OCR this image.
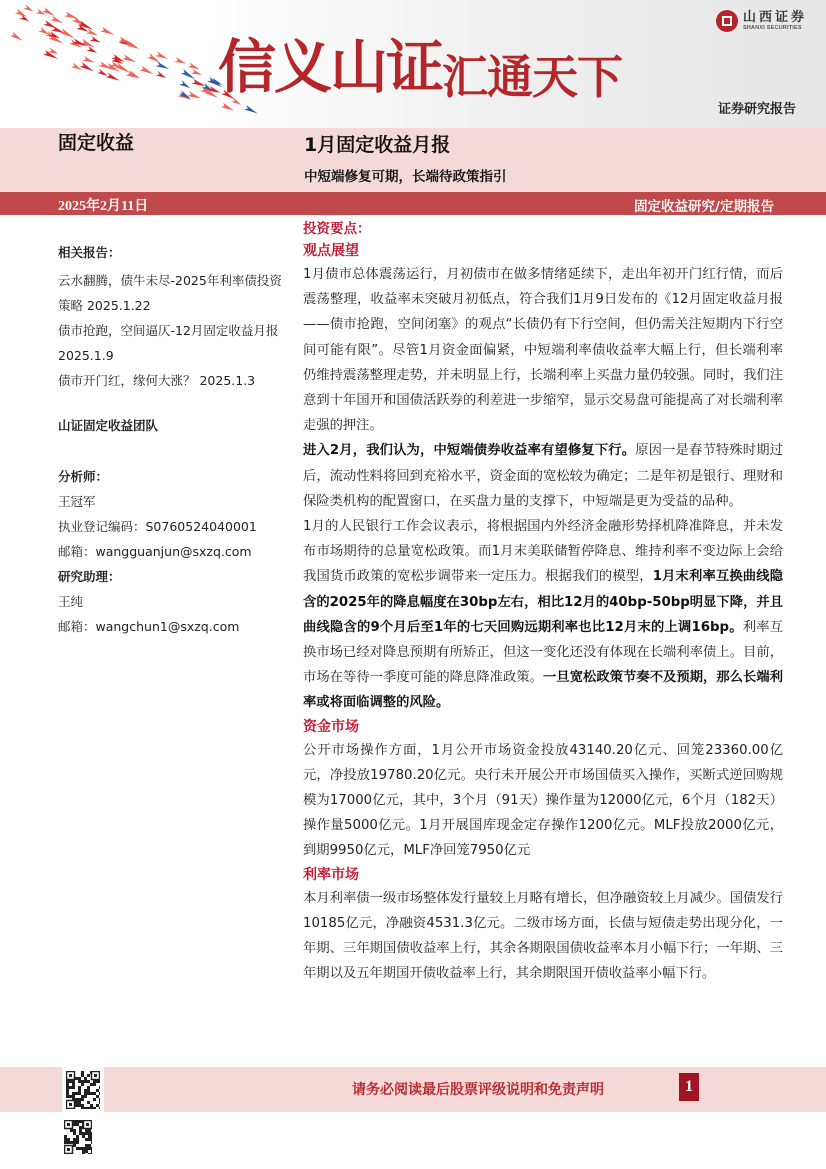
信义山证汇通天下
山西证券
SHANXI SECURITIES
证券研究报告
固定收益	1月固定收益月报
中短端修复可期，长端待政策指引
2025年2月11日	固定收益研究/定期报告
相关报告：
云水翻腾，债牛未尽-2025年利率债投资
策略 2025.1.22
债市抢跑，空间逼仄-12月固定收益月报
2025.1.9
债市开门红，缘何大涨？ 2025.1.3
山证固定收益团队
分析师：
王冠军
执业登记编码：S0760524040001
邮箱：wangguanjun@sxzq.com
研究助理：
王纯
邮箱：wangchun1@sxzq.com
投资要点：
观点展望

1月债市总体震荡运行，月初债市在做多情绪延续下，走出年初开门红行情，而后震荡整理，收益率未突破月初低点，符合我们1月9日发布的《12月固定收益月报——债市抢跑，空间闭塞》的观点“长债仍有下行空间，但仍需关注短期内下行空间可能有限”。尽管1月资金面偏紧，中短端利率债收益率大幅上行，但长端利率仍维持震荡整理走势，并未明显上行，长端利率上买盘力量仍较强。同时，我们注意到十年国开和国债活跃券的利差进一步缩窄，显示交易盘可能提高了对长端利率走强的押注。

进入2月，我们认为，中短端债券收益率有望修复下行。原因一是春节特殊时期过后，流动性料将回到充裕水平，资金面的宽松较为确定；二是年初是银行、理财和保险类机构的配置窗口，在买盘力量的支撑下，中短端是更为受益的品种。

1月的人民银行工作会议表示，将根据国内外经济金融形势择机降准降息，并未发布市场期待的总量宽松政策。而1月末美联储暂停降息、维持利率不变边际上会给我国货币政策的宽松步调带来一定压力。根据我们的模型，1月末利率互换曲线隐含的2025年的降息幅度在30bp左右，相比12月的40bp-50bp明显下降，并且曲线隐含的9个月后至1年的七天回购远期利率也比12月末的上调16bp。利率互换市场已经对降息预期有所矫正，但这一变化还没有体现在长端利率债上。目前，市场在等待一季度可能的降息降准政策。一旦宽松政策节奏不及预期，那么长端利率或将面临调整的风险。

资金市场

公开市场操作方面，1月公开市场资金投放43140.20亿元、回笼23360.00亿元，净投放19780.20亿元。央行未开展公开市场国债买入操作，买断式逆回购规模为17000亿元，其中，3个月（91天）操作量为12000亿元，6个月（182天）操作量5000亿元。1月开展国库现金定存操作1200亿元。MLF投放2000亿元，到期9950亿元，MLF净回笼7950亿元

利率市场

本月利率债一级市场整体发行量较上月略有增长，但净融资较上月减少。国债发行10185亿元，净融资4531.3亿元。二级市场方面，长债与短债走势出现分化，一年期、三年期国债收益率上行，其余各期限国债收益率本月小幅下行；一年期、三年期以及五年期国开债收益率上行，其余期限国开债收益率小幅下行。

请务必阅读最后股票评级说明和免责声明	1
